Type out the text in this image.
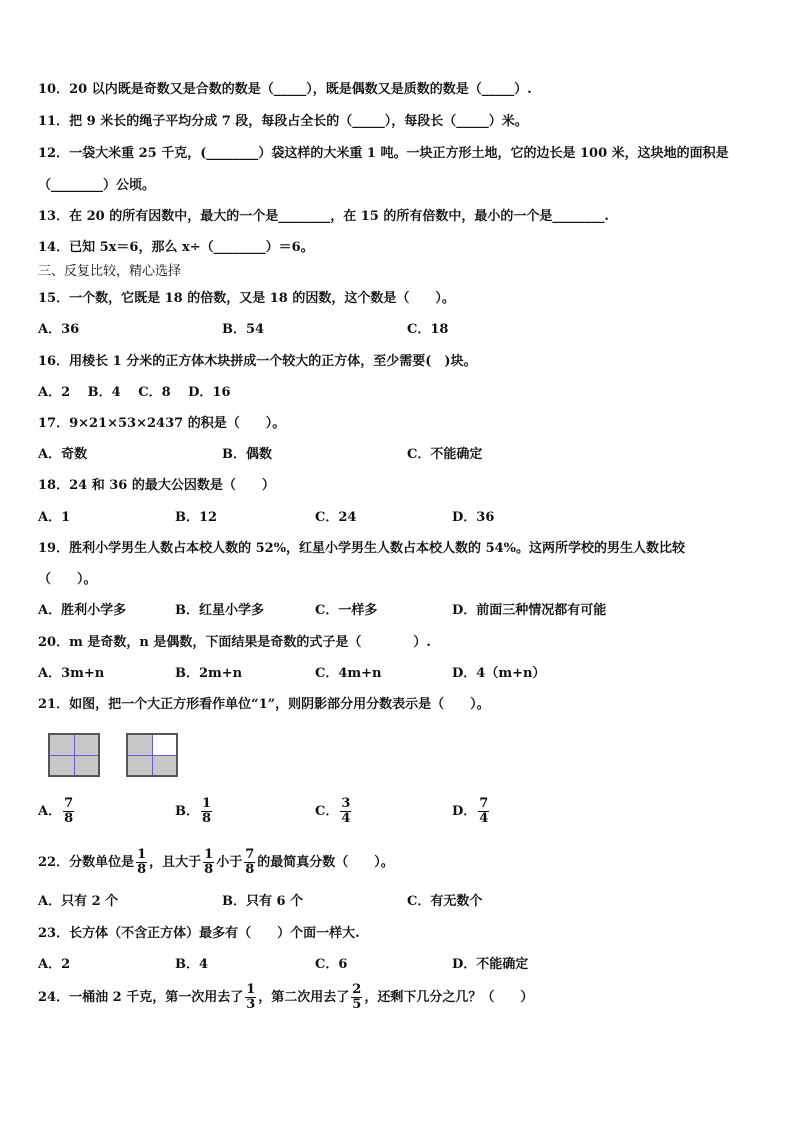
10．20 以内既是奇数又是合数的数是（_____），既是偶数又是质数的数是（_____）.
11．把 9 米长的绳子平均分成 7 段，每段占全长的（_____），每段长（_____）米。
12．一袋大米重 25 千克，(________）袋这样的大米重 1 吨。一块正方形土地，它的边长是 100 米，这块地的面积是
（________）公顷。
13．在 20 的所有因数中，最大的一个是________，在 15 的所有倍数中，最小的一个是________.
14．已知 5x＝6，那么 x÷（________）＝6。
三、反复比较，精心选择
15．一个数，它既是 18 的倍数，又是 18 的因数，这个数是（　　）。
A．36	B．54	C．18
16．用棱长 1 分米的正方体木块拼成一个较大的正方体，至少需要(　)块。
A．2　 B．4　 C．8　 D．16
17．9×21×53×2437 的积是（　　）。
A．奇数	B．偶数	C．不能确定
18．24 和 36 的最大公因数是（　　）
A．1	B．12	C．24	D．36
19．胜利小学男生人数占本校人数的 52%，红星小学男生人数占本校人数的 54%。这两所学校的男生人数比较
（　　）。
A．胜利小学多	B．红星小学多	C．一样多	D．前面三种情况都有可能
20．m 是奇数，n 是偶数，下面结果是奇数的式子是（　　　　）.
A．3m+n	B．2m+n	C．4m+n	D．4（m+n）
21．如图，把一个大正方形看作单位“1”，则阴影部分用分数表示是（　　）。
A． $\frac{7}{8}$	B． $\frac{1}{8}$	C． $\frac{3}{4}$	D． $\frac{7}{4}$
22．分数单位是 $\frac{1}{8}$ ，且大于 $\frac{1}{8}$ 小于 $\frac{7}{8}$ 的最简真分数（　　）。
A．只有 2 个	B．只有 6 个	C．有无数个
23．长方体（不含正方体）最多有（　　）个面一样大.
A．2	B．4	C．6	D．不能确定
24．一桶油 2 千克，第一次用去了 $\frac{1}{3}$ ，第二次用去了 $\frac{2}{5}$ ，还剩下几分之几？（　　）
